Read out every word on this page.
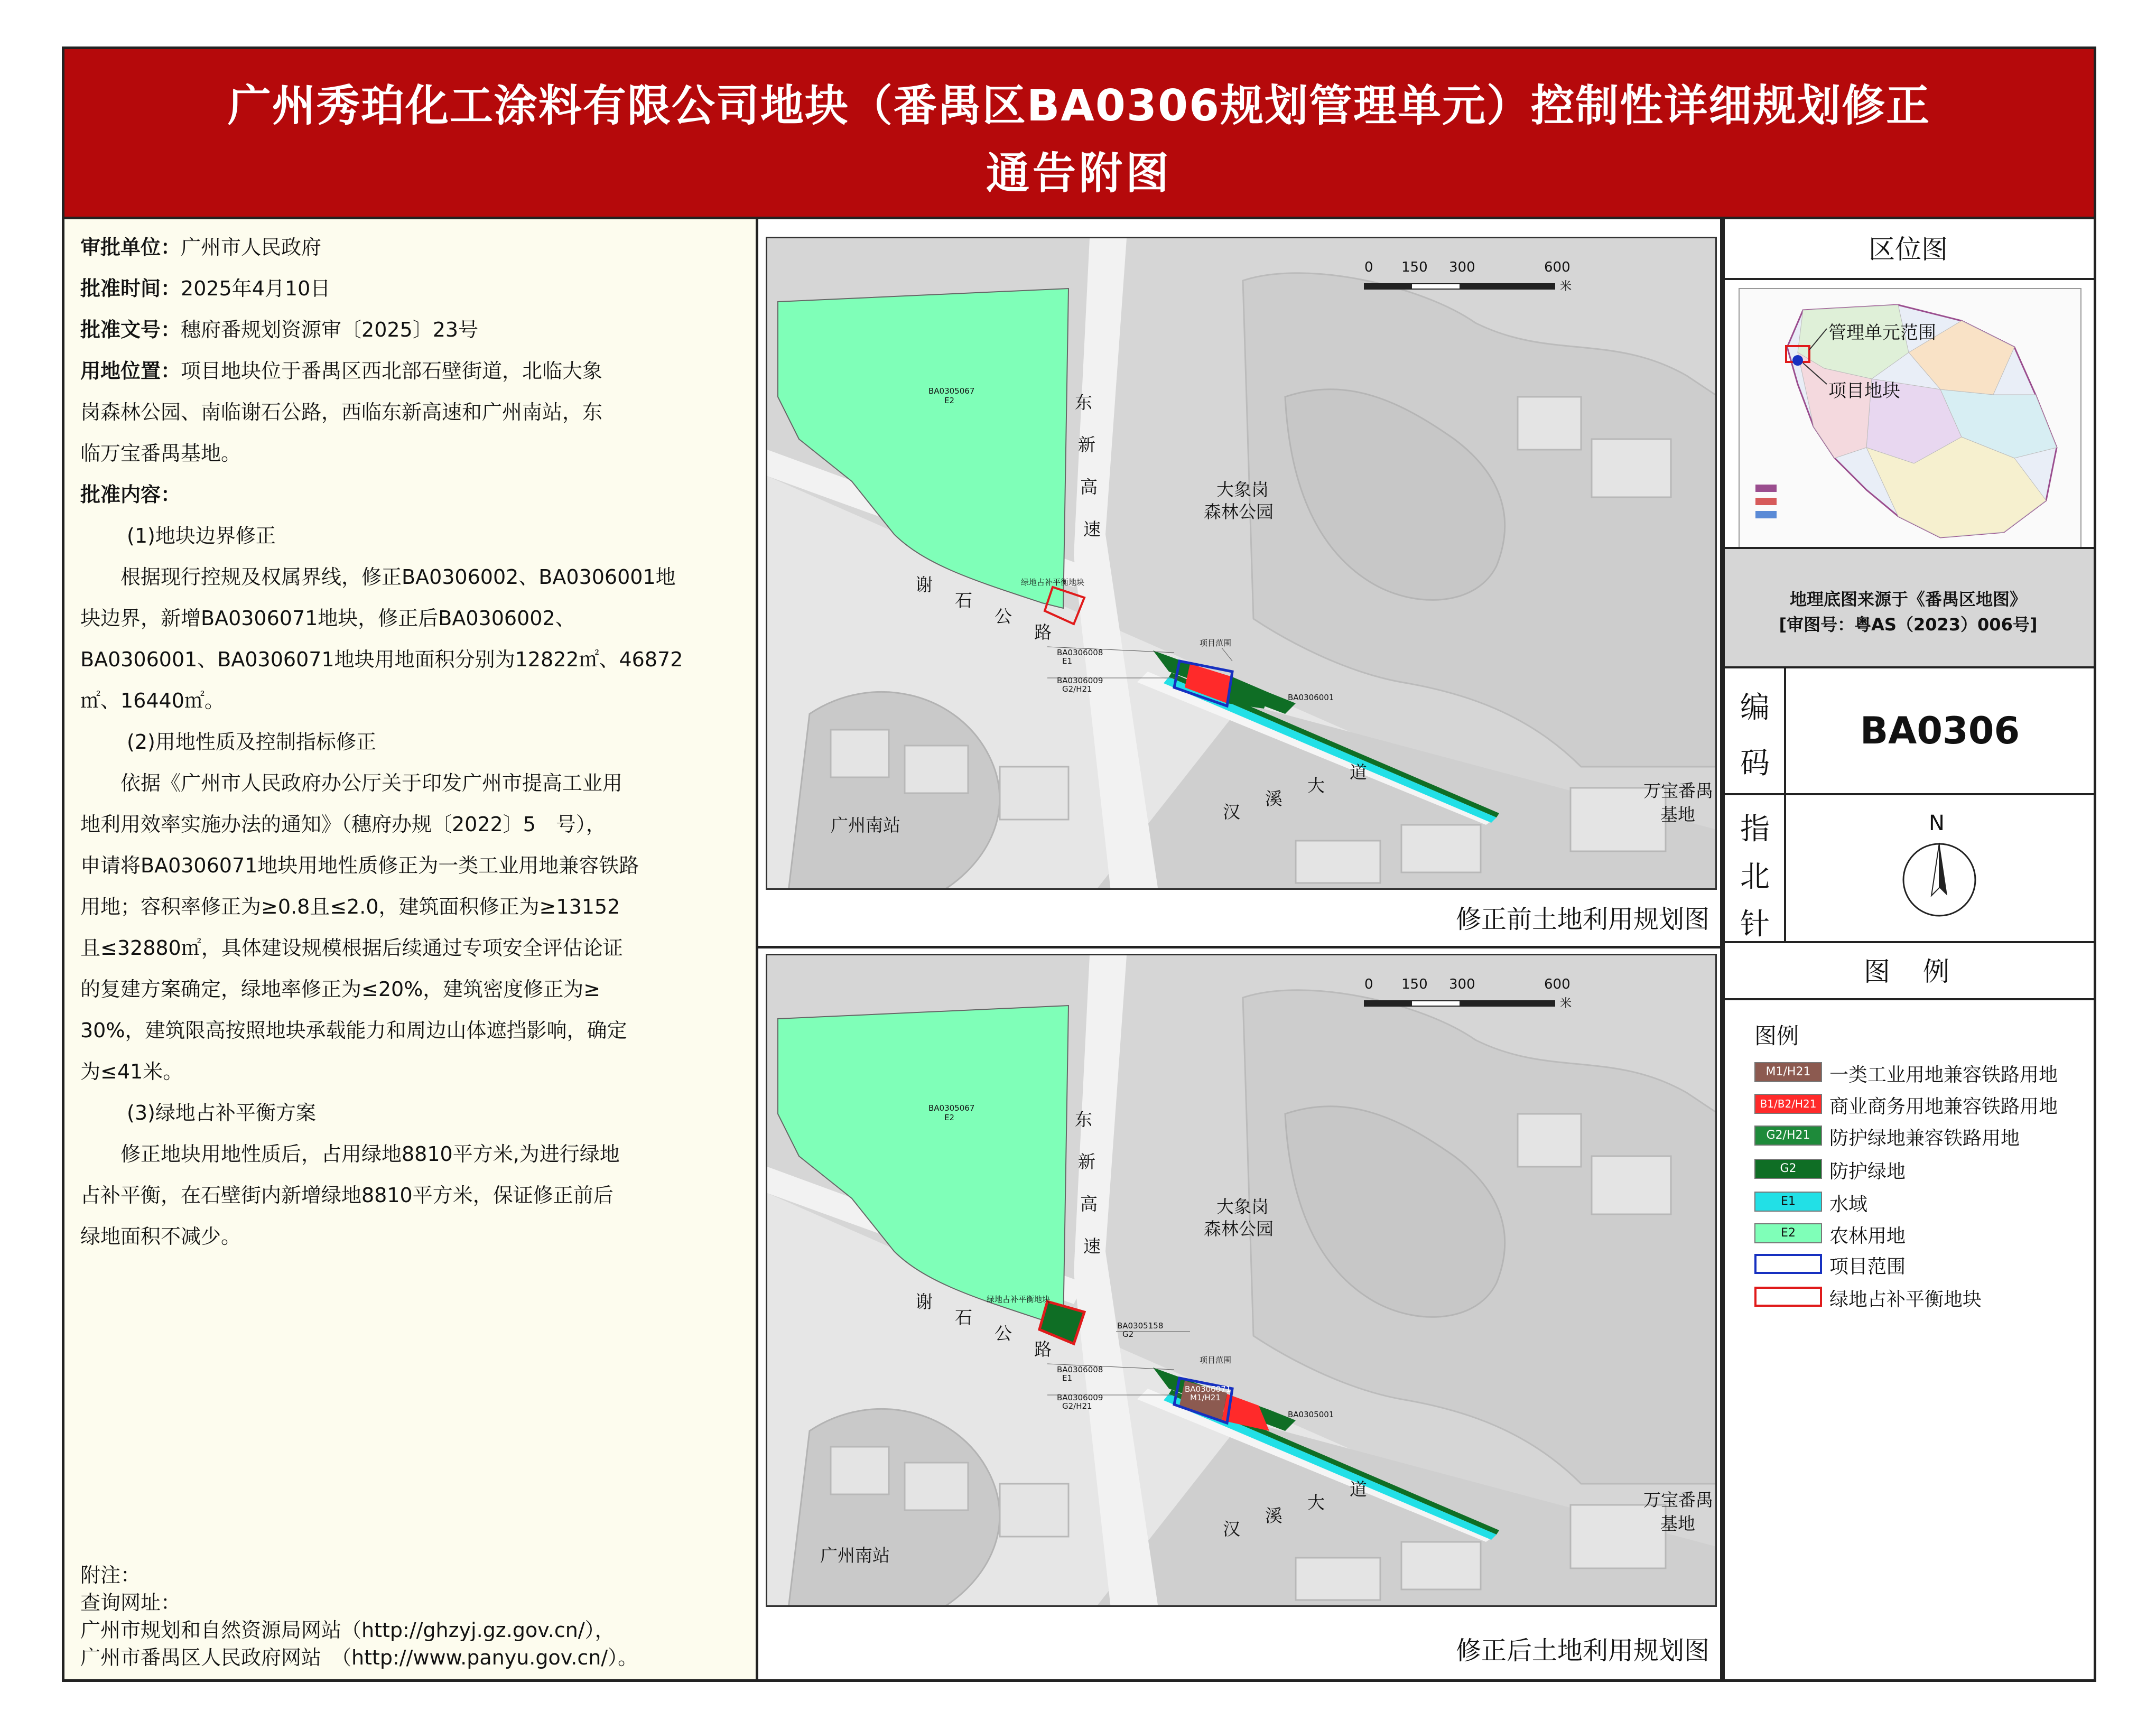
广州秀珀化工涂料有限公司地块（番禺区BA0306规划管理单元）控制性详细规划修正
通告附图
审批单位：广州市人民政府
批准时间：2025年4月10日
批准文号：穗府番规划资源审〔2025〕23号
用地位置：项目地块位于番禺区西北部石壁街道，北临大象
岗森林公园、南临谢石公路，西临东新高速和广州南站，东
临万宝番禺基地。
批准内容：
(1)地块边界修正
根据现行控规及权属界线，修正BA0306002、BA0306001地
块边界，新增BA0306071地块，修正后BA0306002、
BA0306001、BA0306071地块用地面积分别为12822㎡、46872
㎡、16440㎡。
(2)用地性质及控制指标修正
依据《广州市人民政府办公厅关于印发广州市提高工业用
地利用效率实施办法的通知》（穗府办规〔2022〕5　号），
申请将BA0306071地块用地性质修正为一类工业用地兼容铁路
用地；容积率修正为≥0.8且≤2.0，建筑面积修正为≥13152
且≤32880㎡，具体建设规模根据后续通过专项安全评估论证
的复建方案确定，绿地率修正为≤20%，建筑密度修正为≥
30%，建筑限高按照地块承载能力和周边山体遮挡影响，确定
为≤41米。
(3)绿地占补平衡方案
修正地块用地性质后，占用绿地8810平方米,为进行绿地
占补平衡，在石壁街内新增绿地8810平方米，保证修正前后
绿地面积不减少。
附注：
查询网址：
广州市规划和自然资源局网站（http://ghzyj.gz.gov.cn/），
广州市番禺区人民政府网站　（http://www.panyu.gov.cn/）。
0 150 300	600
米
BA0305067
E2	东
新
高
速
大象岗
森林公园
谢
石
公
路
绿地占补平衡地块
项目范围
BA0306008
E1
BA0306009
G2/H21
BA0306001
汉
溪
大
道
广州南站
万宝番禺
基地
修正前土地利用规划图
0 150 300	600
米
BA0305067
E2	东
新
高
速
大象岗
森林公园
谢
石
公
路
绿地占补平衡地块
BA0305158
G2
项目范围
BA0306008
E1
BA0306009
G2/H21
BA0306071
M1/H21
BA0305001
汉
溪
大
道
广州南站
万宝番禺
基地
修正后土地利用规划图
区位图
管理单元范围
项目地块
地理底图来源于《番禺区地图》
[审图号：粤AS（2023）006号]
编
码
BA0306
指
北
针
N
图　例
图例
M1/H21 一类工业用地兼容铁路用地
B1/B2/H21 商业商务用地兼容铁路用地
G2/H21	防护绿地兼容铁路用地
G2	防护绿地
E1	水域
E2	农林用地
项目范围
绿地占补平衡地块
